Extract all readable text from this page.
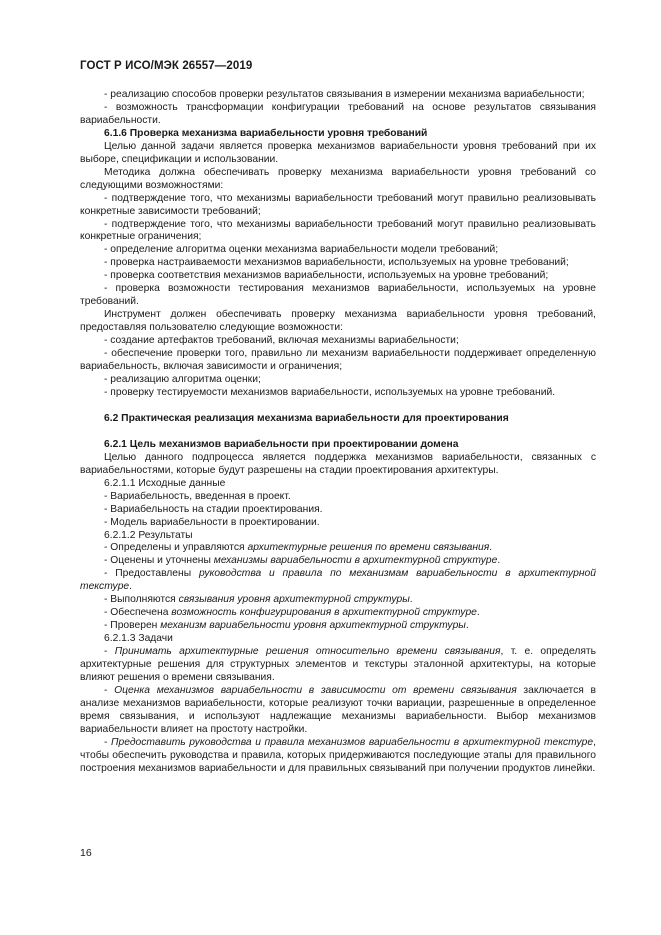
ГОСТ Р ИСО/МЭК 26557—2019

- реализацию способов проверки результатов связывания в измерении механизма вариабельности;

- возможность трансформации конфигурации требований на основе результатов связывания вариабельности.

6.1.6 Проверка механизма вариабельности уровня требований

Целью данной задачи является проверка механизмов вариабельности уровня требований при их выборе, спецификации и использовании.

Методика должна обеспечивать проверку механизма вариабельности уровня требований со следующими возможностями:

- подтверждение того, что механизмы вариабельности требований могут правильно реализовывать конкретные зависимости требований;

- подтверждение того, что механизмы вариабельности требований могут правильно реализовывать конкретные ограничения;

- определение алгоритма оценки механизма вариабельности модели требований;

- проверка настраиваемости механизмов вариабельности, используемых на уровне требований;

- проверка соответствия механизмов вариабельности, используемых на уровне требований;

- проверка возможности тестирования механизмов вариабельности, используемых на уровне требований.

Инструмент должен обеспечивать проверку механизма вариабельности уровня требований, предоставляя пользователю следующие возможности:

- создание артефактов требований, включая механизмы вариабельности;

- обеспечение проверки того, правильно ли механизм вариабельности поддерживает определенную вариабельность, включая зависимости и ограничения;

- реализацию алгоритма оценки;

- проверку тестируемости механизмов вариабельности, используемых на уровне требований.

6.2 Практическая реализация механизма вариабельности для проектирования

6.2.1 Цель механизмов вариабельности при проектировании домена

Целью данного подпроцесса является поддержка механизмов вариабельности, связанных с вариабельностями, которые будут разрешены на стадии проектирования архитектуры.

6.2.1.1 Исходные данные

- Вариабельность, введенная в проект.

- Вариабельность на стадии проектирования.

- Модель вариабельности в проектировании.

6.2.1.2 Результаты

- Определены и управляются архитектурные решения по времени связывания.

- Оценены и уточнены механизмы вариабельности в архитектурной структуре.

- Предоставлены руководства и правила по механизмам вариабельности в архитектурной текстуре.

- Выполняются связывания уровня архитектурной структуры.

- Обеспечена возможность конфигурирования в архитектурной структуре.

- Проверен механизм вариабельности уровня архитектурной структуры.

6.2.1.3 Задачи

- Принимать архитектурные решения относительно времени связывания, т. е. определять архитектурные решения для структурных элементов и текстуры эталонной архитектуры, на которые влияют решения о времени связывания.

- Оценка механизмов вариабельности в зависимости от времени связывания заключается в анализе механизмов вариабельности, которые реализуют точки вариации, разрешенные в определенное время связывания, и используют надлежащие механизмы вариабельности. Выбор механизмов вариабельности влияет на простоту настройки.

- Предоставить руководства и правила механизмов вариабельности в архитектурной текстуре, чтобы обеспечить руководства и правила, которых придерживаются последующие этапы для правильного построения механизмов вариабельности и для правильных связываний при получении продуктов линейки.

16
